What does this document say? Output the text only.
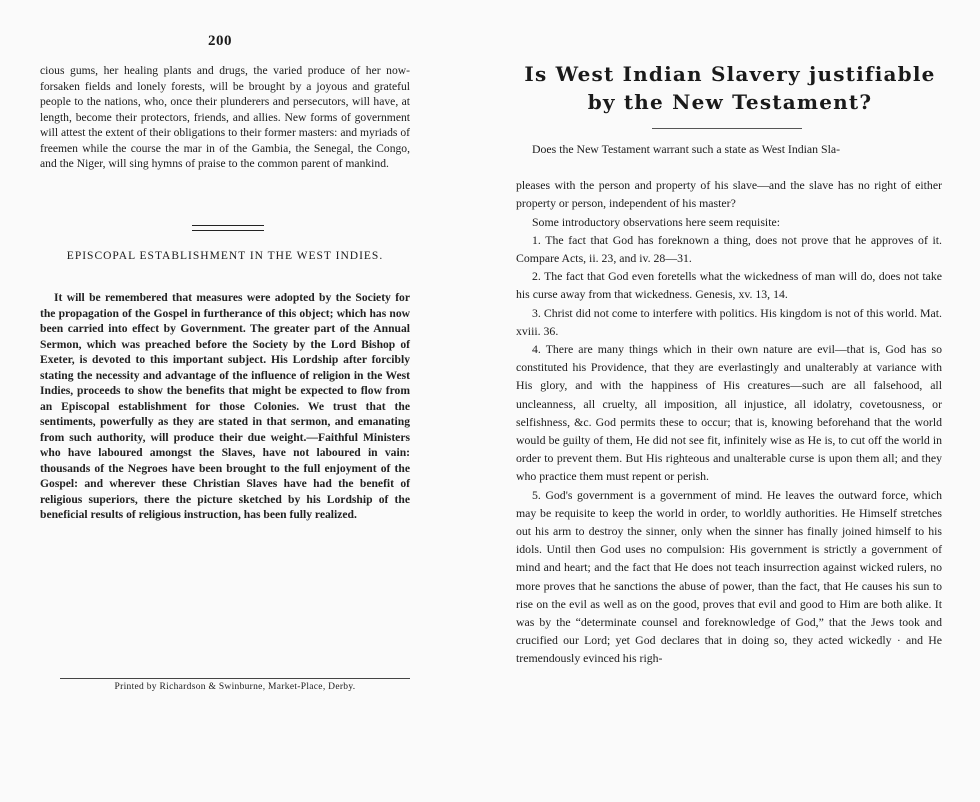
200

cious gums, her healing plants and drugs, the varied produce of her now-forsaken fields and lonely forests, will be brought by a joyous and grateful people to the nations, who, once their plunderers and persecutors, will have, at length, become their protectors, friends, and allies. New forms of government will attest the extent of their obligations to their former masters: and myriads of freemen while the course the mar in of the Gambia, the Senegal, the Congo, and the Niger, will sing hymns of praise to the common parent of mankind.

EPISCOPAL ESTABLISHMENT IN THE WEST INDIES.

It will be remembered that measures were adopted by the Society for the propagation of the Gospel in furtherance of this object; which has now been carried into effect by Government. The greater part of the Annual Sermon, which was preached before the Society by the Lord Bishop of Exeter, is devoted to this important subject. His Lordship after forcibly stating the necessity and advantage of the influence of religion in the West Indies, proceeds to show the benefits that might be expected to flow from an Episcopal establishment for those Colonies. We trust that the sentiments, powerfully as they are stated in that sermon, and emanating from such authority, will produce their due weight.—Faithful Ministers who have laboured amongst the Slaves, have not laboured in vain: thousands of the Negroes have been brought to the full enjoyment of the Gospel: and wherever these Christian Slaves have had the benefit of religious superiors, there the picture sketched by his Lordship of the beneficial results of religious instruction, has been fully realized.

Printed by Richardson & Swinburne, Market-Place, Derby.
Is West Indian Slavery justifiable
by the New Testament?

Does the New Testament warrant such a state as West Indian Sla-

pleases with the person and property of his slave—and the slave has no right of either property or person, independent of his master?

Some introductory observations here seem requisite:

1. The fact that God has foreknown a thing, does not prove that he approves of it. Compare Acts, ii. 23, and iv. 28—31.

2. The fact that God even foretells what the wickedness of man will do, does not take his curse away from that wickedness. Genesis, xv. 13, 14.

3. Christ did not come to interfere with politics. His kingdom is not of this world. Mat. xviii. 36.

4. There are many things which in their own nature are evil—that is, God has so constituted his Providence, that they are everlastingly and unalterably at variance with His glory, and with the happiness of His creatures—such are all falsehood, all uncleanness, all cruelty, all imposition, all injustice, all idolatry, covetousness, or selfishness, &c. God permits these to occur; that is, knowing beforehand that the world would be guilty of them, He did not see fit, infinitely wise as He is, to cut off the world in order to prevent them. But His righteous and unalterable curse is upon them all; and they who practice them must repent or perish.

5. God's government is a government of mind. He leaves the outward force, which may be requisite to keep the world in order, to worldly authorities. He Himself stretches out his arm to destroy the sinner, only when the sinner has finally joined himself to his idols. Until then God uses no compulsion: His government is strictly a government of mind and heart; and the fact that He does not teach insurrection against wicked rulers, no more proves that he sanctions the abuse of power, than the fact, that He causes his sun to rise on the evil as well as on the good, proves that evil and good to Him are both alike. It was by the “determinate counsel and foreknowledge of God,” that the Jews took and crucified our Lord; yet God declares that in doing so, they acted wickedly · and He tremendously evinced his righ-
